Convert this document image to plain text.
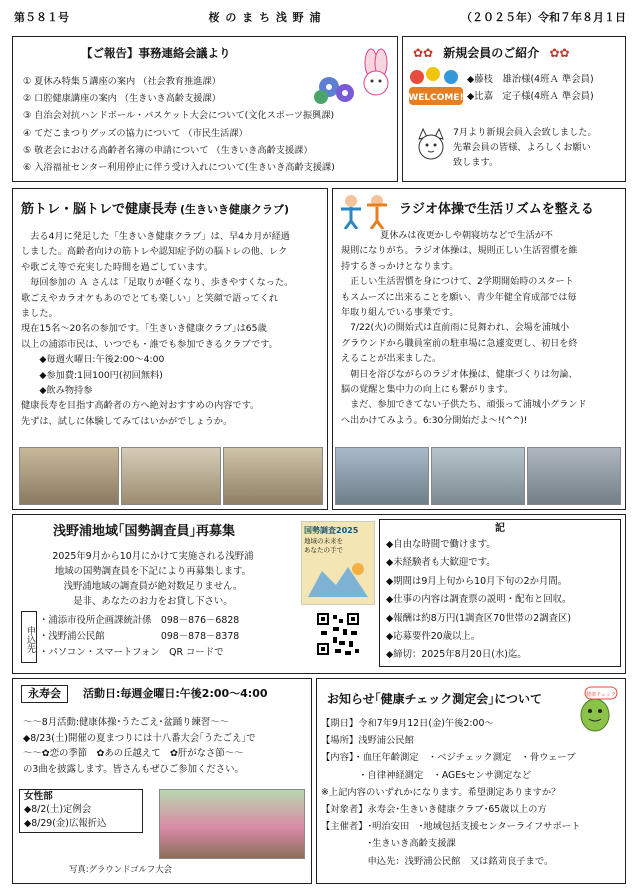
第５８１号	桜 の ま ち 浅 野 浦	（２０２５年）令和７年８月１日
【ご報告】事務連絡会議より
① 夏休み特集５講座の案内 （社会教育推進課）
② 口腔健康講座の案内 （生きいき高齢支援課）
③ 自治会対抗ハンドボール・バスケット大会について(文化スポーツ振興課)
④ てだこまつりグッズの協力について （市民生活課）
⑤ 敬老会における高齢者名簿の申請について （生きいき高齢支援課）
⑥ 入浴福祉センター利用停止に伴う受け入れについて(生きいき高齢支援課)
✿✿ 新規会員のご紹介 ✿✿
WELCOME!
◆藤枝　雄治様(4班Ａ 準会員)
◆比嘉　定子様(4班Ａ 準会員)
7月より新規会員入会致しました。
先輩会員の皆様、よろしくお願い
致します。
筋トレ・脳トレで健康長寿 (生きいき健康クラブ)
　去る4月に発足した「生きいき健康クラブ」は、早4カ月が経過
しました。高齢者向けの筋トレや認知症予防の脳トレの他、レク
や歌ごえ等で充実した時間を過ごしています。
　毎回参加の Ａ さんは「足取りが軽くなり、歩きやすくなった。
歌ごえやカラオケもあのでとても楽しい」と笑顔で語ってくれ
ました。
現在15名～20名の参加です。｢生きいき健康クラブ｣は65歳
以上の浦添市民は、いつでも・誰でも参加できるクラブです。
　　◆毎週火曜日:午後2:00～4:00
　　◆参加費:1回100円(初回無料)
　　◆飲み物持参
健康長寿を目指す高齢者の方へ絶対おすすめの内容です。
先ずは、試しに体験してみてはいかがでしょうか。
ラジオ体操で生活リズムを整える
　夏休みは夜更かしや朝寝坊などで生活が不
規則になりがち。ラジオ体操は、規則正しい生活習慣を維
持するきっかけとなります。
　正しい生活習慣を身につけて、2学期開始時のスタート
もスムーズに出来ることを願い、青少年健全育成部では毎
年取り組んでいる事業です。
　7/22(火)の開始式は直前雨に見舞われ、会場を浦城小
グラウンドから職員室前の駐車場に急遽変更し、初日を終
えることが出来ました。
　朝日を浴びながらのラジオ体操は、健康づくりは勿論、
脳の覚醒と集中力の向上にも繋がります。
　まだ、参加できてない子供たち、頑張って浦城小グランド
へ出かけてみよう。6:30分開始だよ～!(^^)!
浅野浦地域｢国勢調査員｣再募集
2025年9月から10月にかけて実施される浅野浦
地域の国勢調査員を下記により再募集します。
浅野浦地域の調査員が絶対数足りません。
是非、あなたのお力をお貸し下さい。
申込先
・浦添市役所企画課統計係　098－876－6828
・浅野浦公民館　　　　　　098－878－8378
・パソコン・スマートフォン　QR コードで
国勢調査2025
地域の未来を
あなたの手で
記
◆自由な時間で働けます。
◆未経験者も大歓迎です。
◆期間は9月上旬から10月下旬の2か月間。
◆仕事の内容は調査票の説明・配布と回収。
◆報酬は約8万円(1調査区70世帯の2調査区)
◆応募要件20歳以上。
◆締切：2025年8月20日(水)迄。
永寿会	活動日:毎週金曜日:午後2:00～4:00
～～8月活動:健康体操･うたごえ･盆踊り練習～～
◆8/23(土)開催の夏まつりには十八番大会｢うたごえ｣で
～～✿恋の季節　✿あの丘越えて　✿肝がなさ節～～
の3曲を披露します。皆さんもぜひご参加ください。
女性部
◆8/2(土)定例会
◆8/29(金)広報折込
写真:グラウンドゴルフ大会
お知らせ｢健康チェック測定会｣について	健康チェック
【期日】令和7年9月12日(金)午後2:00～
【場所】浅野浦公民館
【内容】・血圧年齢測定　・ベジチェック測定　・骨ウェーブ
　　　　・自律神経測定　・AGEsセンサ測定など
※上記内容のいずれかになります。希望測定ありますか？
【対象者】永寿会･生きいき健康クラブ･65歳以上の方
【主催者】･明治安田　･地域包括支援センターライフサポート
　　　　　･生きいき高齢支援課
　　　　　申込先：浅野浦公民館　又は銘苅良子まで。
